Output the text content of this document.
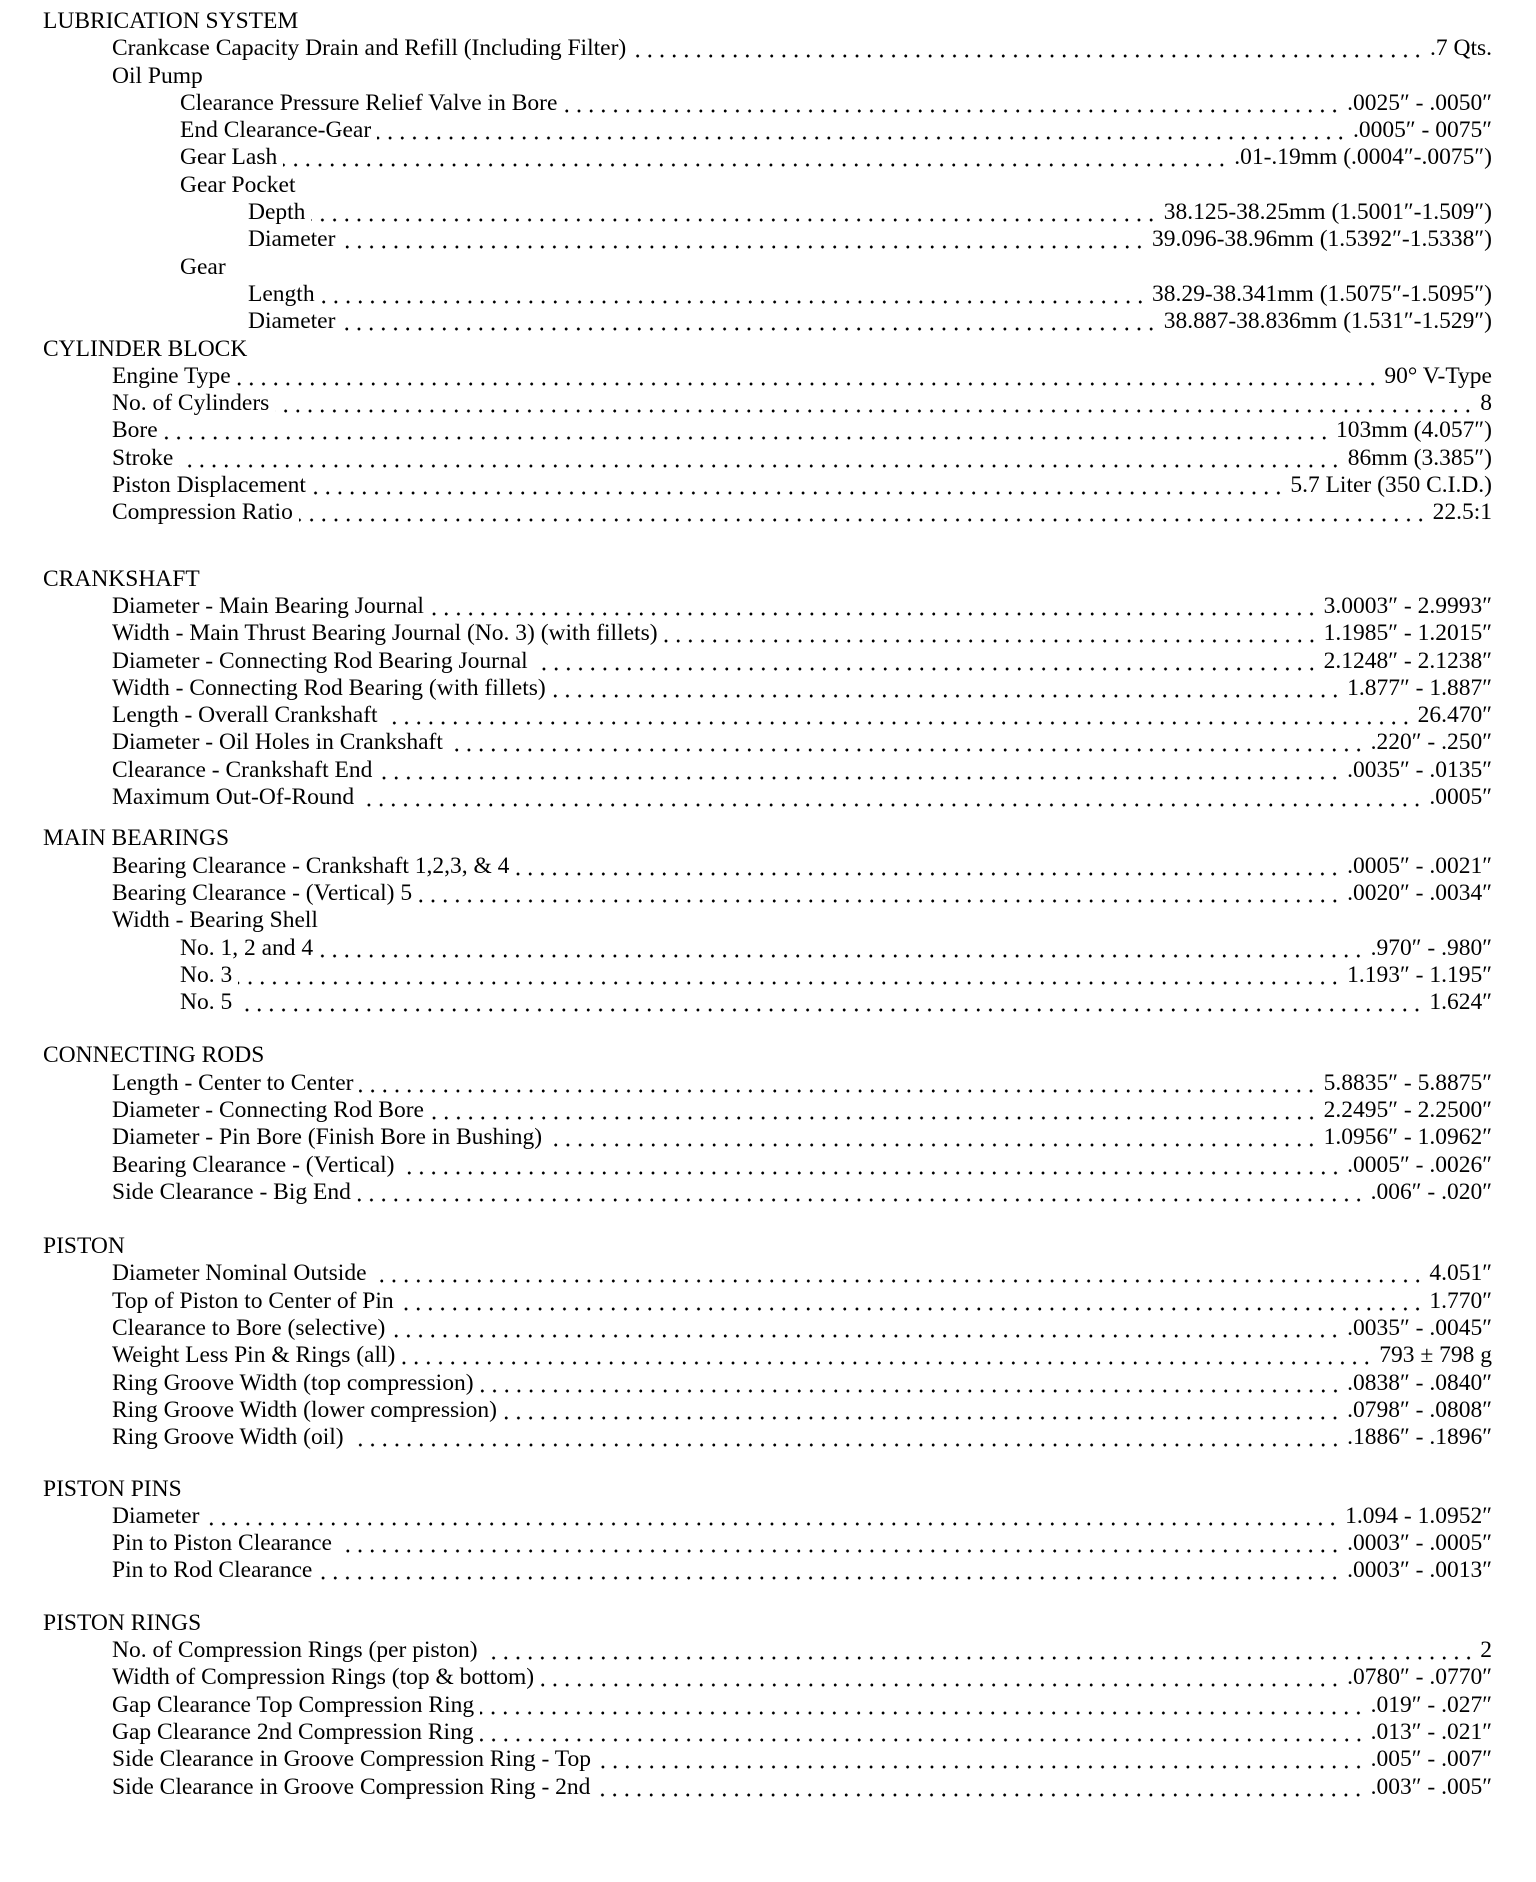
LUBRICATION SYSTEM
Crankcase Capacity Drain and Refill (Including Filter)	.7 Qts.
Oil Pump
Clearance Pressure Relief Valve in Bore	.0025″ - .0050″
End Clearance-Gear	.0005″ - 0075″
Gear Lash	.01-.19mm (.0004″-.0075″)
Gear Pocket
Depth	38.125-38.25mm (1.5001″-1.509″)
Diameter	39.096-38.96mm (1.5392″-1.5338″)
Gear
Length	38.29-38.341mm (1.5075″-1.5095″)
Diameter	38.887-38.836mm (1.531″-1.529″)
CYLINDER BLOCK
Engine Type	90° V-Type
No. of Cylinders	8
Bore	103mm (4.057″)
Stroke	86mm (3.385″)
Piston Displacement	5.7 Liter (350 C.I.D.)
Compression Ratio	22.5:1
CRANKSHAFT
Diameter - Main Bearing Journal	3.0003″ - 2.9993″
Width - Main Thrust Bearing Journal (No. 3) (with fillets)	1.1985″ - 1.2015″
Diameter - Connecting Rod Bearing Journal	2.1248″ - 2.1238″
Width - Connecting Rod Bearing (with fillets)	1.877″ - 1.887″
Length - Overall Crankshaft	26.470″
Diameter - Oil Holes in Crankshaft	.220″ - .250″
Clearance - Crankshaft End	.0035″ - .0135″
Maximum Out-Of-Round	.0005″
MAIN BEARINGS
Bearing Clearance - Crankshaft 1,2,3, & 4	.0005″ - .0021″
Bearing Clearance - (Vertical) 5	.0020″ - .0034″
Width - Bearing Shell
No. 1, 2 and 4	.970″ - .980″
No. 3	1.193″ - 1.195″
No. 5	1.624″
CONNECTING RODS
Length - Center to Center	5.8835″ - 5.8875″
Diameter - Connecting Rod Bore	2.2495″ - 2.2500″
Diameter - Pin Bore (Finish Bore in Bushing)	1.0956″ - 1.0962″
Bearing Clearance - (Vertical)	.0005″ - .0026″
Side Clearance - Big End	.006″ - .020″
PISTON
Diameter Nominal Outside	4.051″
Top of Piston to Center of Pin	1.770″
Clearance to Bore (selective)	.0035″ - .0045″
Weight Less Pin & Rings (all)	793 ± 798 g
Ring Groove Width (top compression)	.0838″ - .0840″
Ring Groove Width (lower compression)	.0798″ - .0808″
Ring Groove Width (oil)	.1886″ - .1896″
PISTON PINS
Diameter	1.094 - 1.0952″
Pin to Piston Clearance	.0003″ - .0005″
Pin to Rod Clearance	.0003″ - .0013″
PISTON RINGS
No. of Compression Rings (per piston)	2
Width of Compression Rings (top & bottom)	.0780″ - .0770″
Gap Clearance Top Compression Ring	.019″ - .027″
Gap Clearance 2nd Compression Ring	.013″ - .021″
Side Clearance in Groove Compression Ring - Top	.005″ - .007″
Side Clearance in Groove Compression Ring - 2nd	.003″ - .005″
